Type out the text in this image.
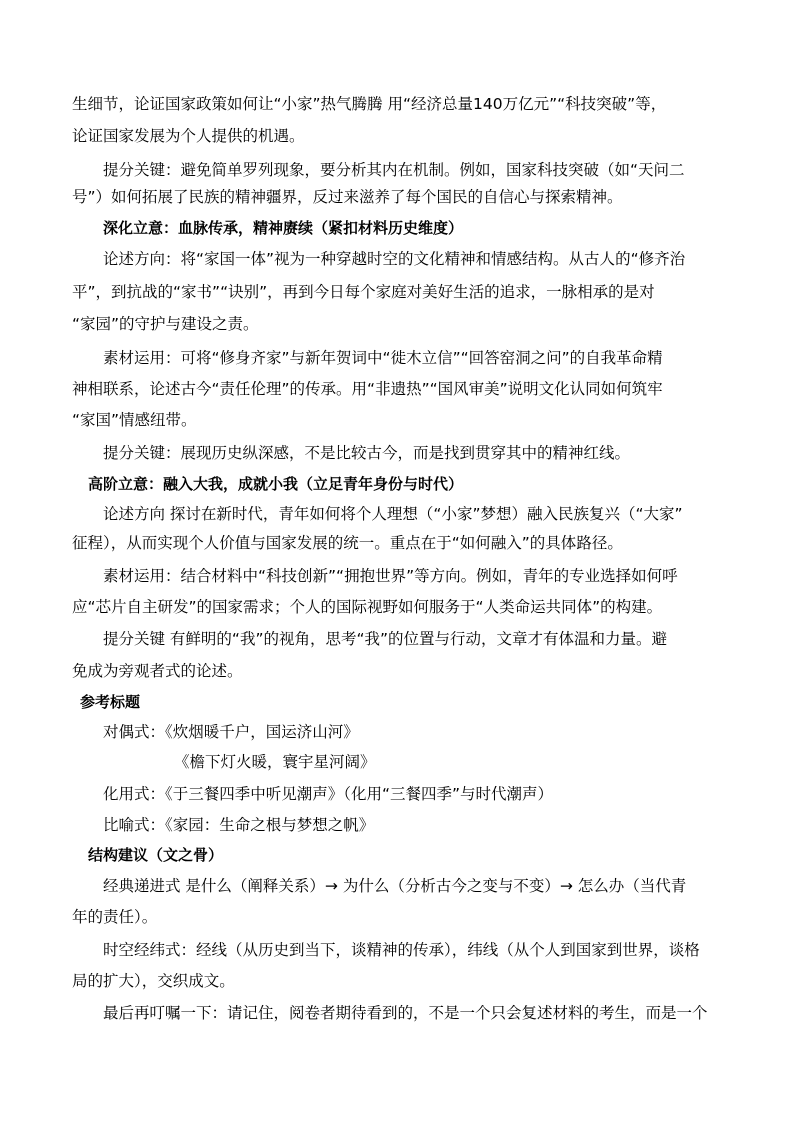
生细节，论证国家政策如何让“小家”热气腾腾 用“经济总量140万亿元”“科技突破”等，
论证国家发展为个人提供的机遇。
提分关键：避免简单罗列现象，要分析其内在机制。例如，国家科技突破（如“天问二
号”）如何拓展了民族的精神疆界，反过来滋养了每个国民的自信心与探索精神。
深化立意：血脉传承，精神赓续（紧扣材料历史维度）
论述方向：将“家国一体”视为一种穿越时空的文化精神和情感结构。从古人的“修齐治
平”，到抗战的“家书”“诀别”，再到今日每个家庭对美好生活的追求，一脉相承的是对
“家园”的守护与建设之责。
素材运用：可将“修身齐家”与新年贺词中“徙木立信”“回答窑洞之问”的自我革命精
神相联系，论述古今“责任伦理”的传承。用“非遗热”“国风审美”说明文化认同如何筑牢
“家国”情感纽带。
提分关键：展现历史纵深感，不是比较古今，而是找到贯穿其中的精神红线。
高阶立意：融入大我，成就小我（立足青年身份与时代）
论述方向 探讨在新时代，青年如何将个人理想（“小家”梦想）融入民族复兴（“大家”
征程），从而实现个人价值与国家发展的统一。重点在于“如何融入”的具体路径。
素材运用：结合材料中“科技创新”“拥抱世界”等方向。例如，青年的专业选择如何呼
应“芯片自主研发”的国家需求；个人的国际视野如何服务于“人类命运共同体”的构建。
提分关键 有鲜明的“我”的视角，思考“我”的位置与行动，文章才有体温和力量。避
免成为旁观者式的论述。
参考标题
对偶式：《炊烟暖千户，国运济山河》
《檐下灯火暖，寰宇星河阔》
化用式：《于三餐四季中听见潮声》（化用“三餐四季”与时代潮声）
比喻式：《家园：生命之根与梦想之帆》
结构建议（文之骨）
经典递进式 是什么（阐释关系）→ 为什么（分析古今之变与不变）→ 怎么办（当代青
年的责任）。
时空经纬式：经线（从历史到当下，谈精神的传承），纬线（从个人到国家到世界，谈格
局的扩大），交织成文。
最后再叮嘱一下：请记住，阅卷者期待看到的，不是一个只会复述材料的考生，而是一个
